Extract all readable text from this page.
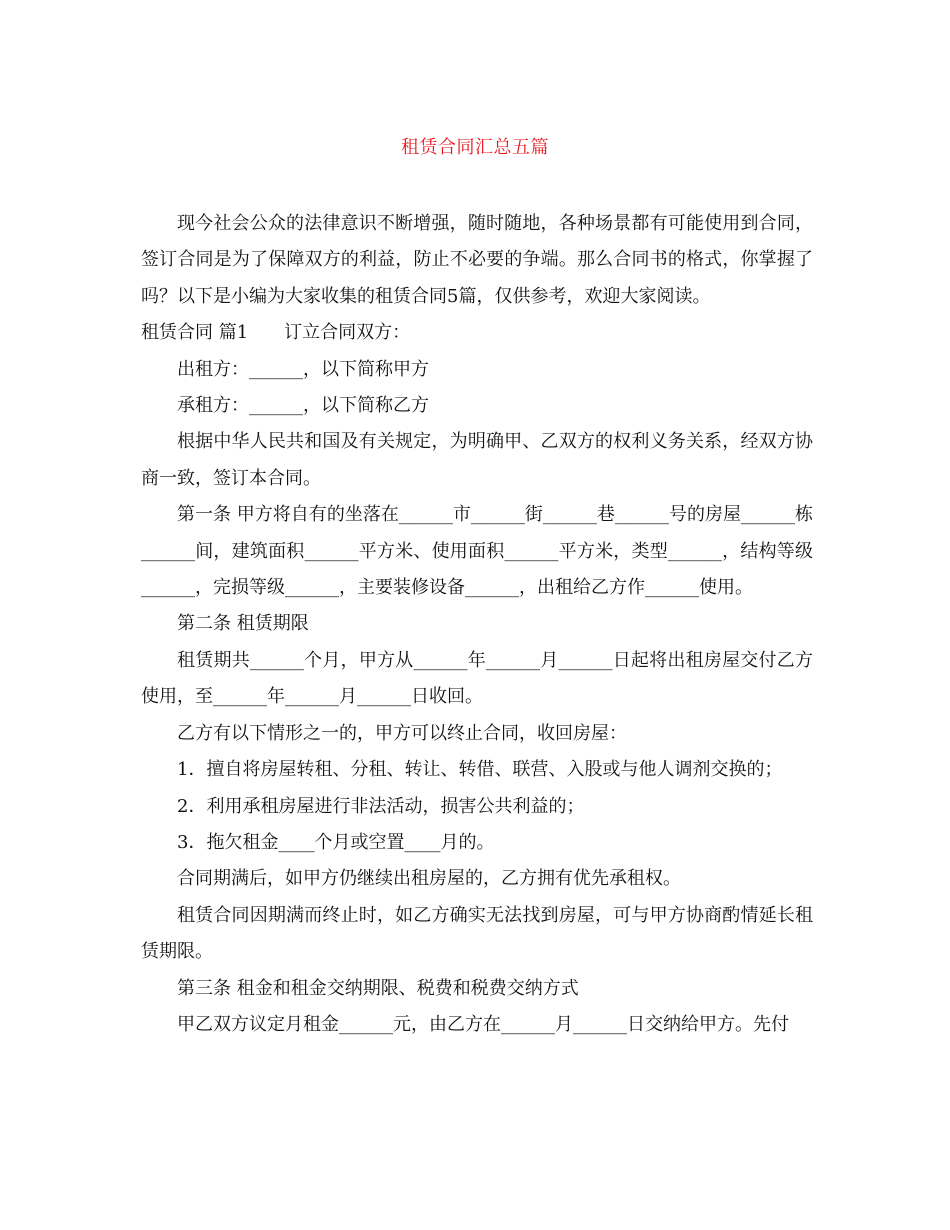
租赁合同汇总五篇

现今社会公众的法律意识不断增强，随时随地，各种场景都有可能使用到合同，签订合同是为了保障双方的利益，防止不必要的争端。那么合同书的格式，你掌握了吗？以下是小编为大家收集的租赁合同5篇，仅供参考，欢迎大家阅读。

租赁合同 篇1　　订立合同双方：

出租方：______，以下简称甲方

承租方：______，以下简称乙方

根据中华人民共和国及有关规定，为明确甲、乙双方的权利义务关系，经双方协商一致，签订本合同。

第一条 甲方将自有的坐落在______市______街______巷______号的房屋______栋______间，建筑面积______平方米、使用面积______平方米，类型______，结构等级______，完损等级______，主要装修设备______，出租给乙方作______使用。

第二条 租赁期限

租赁期共______个月，甲方从______年______月______日起将出租房屋交付乙方使用，至______年______月______日收回。

乙方有以下情形之一的，甲方可以终止合同，收回房屋：

1．擅自将房屋转租、分租、转让、转借、联营、入股或与他人调剂交换的；

2．利用承租房屋进行非法活动，损害公共利益的；

3．拖欠租金____个月或空置____月的。

合同期满后，如甲方仍继续出租房屋的，乙方拥有优先承租权。

租赁合同因期满而终止时，如乙方确实无法找到房屋，可与甲方协商酌情延长租赁期限。

第三条 租金和租金交纳期限、税费和税费交纳方式

甲乙双方议定月租金______元，由乙方在______月______日交纳给甲方。先付
